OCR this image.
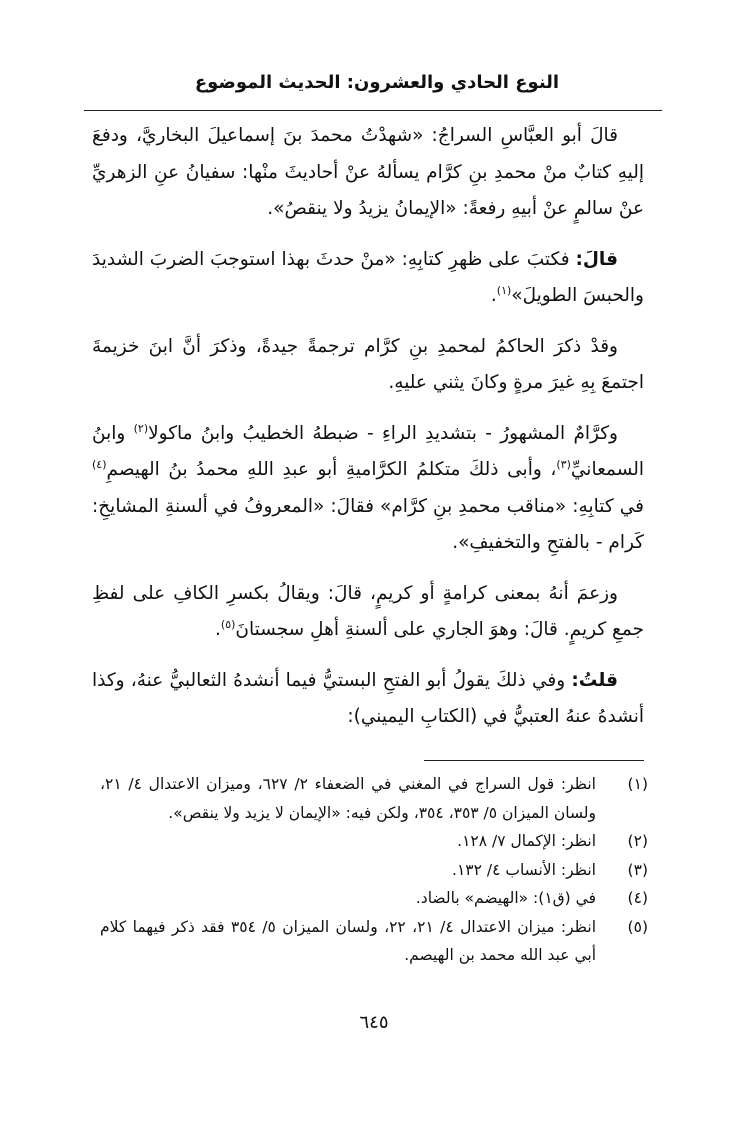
النوع الحادي والعشرون: الحديث الموضوع

قالَ أبو العبَّاسِ السراجُ: «شهدْتُ محمدَ بنَ إسماعيلَ البخاريَّ، ودفعَ إليهِ كتابٌ منْ محمدِ بنِ كرَّام يسألهُ عنْ أحاديثَ منْها: سفيانُ عنِ الزهريِّ عنْ سالمٍ عنْ أبيهِ رفعةً: «الإيمانُ يزيدُ ولا ينقصُ».

قالَ: فكتبَ على ظهرِ كتابِهِ: «منْ حدثَ بهذا استوجبَ الضربَ الشديدَ والحبسَ الطويلَ»$^{(١)}$.

وقدْ ذكرَ الحاكمُ لمحمدِ بنِ كرَّام ترجمةً جيدةً، وذكرَ أنَّ ابنَ خزيمةَ اجتمعَ بِهِ غيرَ مرةٍ وكانَ يثني عليهِ.

وكرَّامٌ المشهورُ - بتشديدِ الراءِ - ضبطهُ الخطيبُ وابنُ ماكولا$^{(٢)}$ وابنُ السمعانيِّ$^{(٣)}$، وأبى ذلكَ متكلمُ الكرَّاميةِ أبو عبدِ اللهِ محمدُ بنُ الهيصمِ$^{(٤)}$ في كتابِهِ: «مناقب محمدِ بنِ كرَّام» فقالَ: «المعروفُ في ألسنةِ المشايخِ: كَرام - بالفتحِ والتخفيفِ».

وزعمَ أنهُ بمعنى كرامةٍ أو كريمٍ، قالَ: ويقالُ بكسرِ الكافِ على لفظِ جمعِ كريمٍ. قالَ: وهوَ الجاري على ألسنةِ أهلِ سجستانَ$^{(٥)}$.

قلتُ: وفي ذلكَ يقولُ أبو الفتحِ البستيُّ فيما أنشدهُ الثعالبيُّ عنهُ، وكذا أنشدهُ عنهُ العتبيُّ في (الكتابِ اليميني):

(١)
انظر: قول السراج في المغني في الضعفاء ٢/ ٦٢٧، وميزان الاعتدال ٤/ ٢١، ولسان الميزان ٥/ ٣٥٣، ٣٥٤، ولكن فيه: «الإيمان لا يزيد ولا ينقص».
(٢)
انظر: الإكمال ٧/ ١٢٨.
(٣)
انظر: الأنساب ٤/ ١٣٢.
(٤)
في (ق١): «الهيضم» بالضاد.
(٥)
انظر: ميزان الاعتدال ٤/ ٢١، ٢٢، ولسان الميزان ٥/ ٣٥٤ فقد ذكر فيهما كلام أبي عبد الله محمد بن الهيصم.
٦٤٥
